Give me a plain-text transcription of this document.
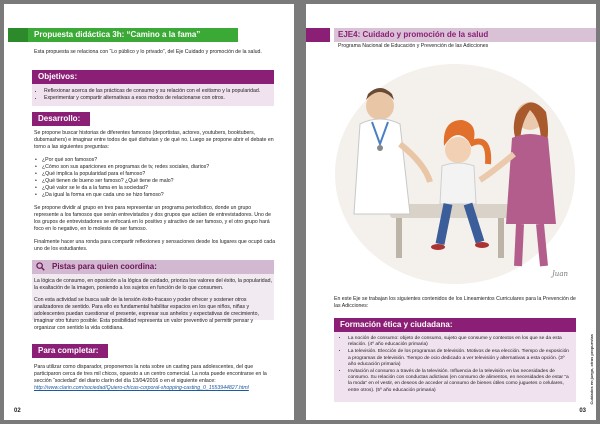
Propuesta didáctica 3h: “Camino a la fama”
Esta propuesta se relaciona con “Lo público y lo privado”, del Eje Cuidado y promoción de la salud.
Objetivos:
• Reflexionar acerca de las prácticas de consumo y su relación con el exitismo y la popularidad.
• Experimentar y compartir alternativas a esos modos de relacionarse con otros.
Desarrollo:

Se propone buscar historias de diferentes famosos (deportistas, actores, youtubers, booktubers, dubsmashers) e imaginar entre todos de qué disfrutan y de qué no. Luego se propone abrir el debate en torno a las siguientes preguntas:

• ¿Por qué son famosos?
• ¿Cómo son sus apariciones en programas de tv, redes sociales, diarios?
• ¿Qué implica la popularidad para el famoso?
• ¿Qué tienen de bueno ser famoso? ¿Qué tiene de malo?
• ¿Qué valor se le da a la fama en la sociedad?
• ¿Da igual la forma en que cada uno se hizo famoso?

Se propone dividir al grupo en tres para representar un programa periodístico, donde un grupo represente a los famosos que serán entrevistados y dos grupos que actúen de entrevistadores. Uno de los grupos de entrevistadores se enfocará en lo positivo y atractivo de ser famoso, y el otro grupo hará foco en lo negativo, en lo molesto de ser famoso.

Finalmente hacer una ronda para compartir reflexiones y sensaciones desde los lugares que ocupó cada uno de los estudiantes.

Pistas para quien coordina:

La lógica de consumo, en oposición a la lógica de cuidado, prioriza los valores del éxito, la popularidad, la exaltación de la imagen, poniendo a los sujetos en función de lo que consumen.

Con esta actividad se busca salir de la tensión éxito-fracaso y poder ofrecer y sostener otros analizadores de sentido. Para ello es fundamental habilitar espacios en los que niños, niñas y adolescentes puedan cuestionar el presente, expresar sus anhelos y expectativas de crecimiento, imaginar otro futuro posible. Esta posibilidad representa un valor preventivo al permitir pensar y organizar con sentido la vida cotidiana.

Para completar:
Para utilizar como disparador, proponemos la nota sobre un casting para adolescentes, del que participaron cerca de tres mil chicos, opuesto a un centro comercial. La nota puede encontrarse en la sección “sociedad” del diario clarín del día 13/04/2016 o en el siguiente enlace: http://www.clarin.com/sociedad/Quiero-chicas-corporal-shopping-casting_0_1553944827.html
02
EJE4: Cuidado y promoción de la salud
Programa Nacional de Educación y Prevención de las Adicciones
Juan
En este Eje se trabajan los siguientes contenidos de los Lineamientos Curriculares para la Prevención de las Adicciones:
Formación ética y ciudadana:
• La noción de consumo: objeto de consumo, sujeto que consume y contextos en los que se da esta relación. (4º año educación primaria)
• La televisión. Elección de los programas de televisión. Motivos de esa elección. Tiempo de exposición a programas de televisión. Tiempo de ocio dedicado a ver televisión y alternativas a esta opción. (3º año educación primaria)
• Invitación al consumo a través de la televisión. Influencia de la televisión en las necesidades de consumo. Su relación con conductas adictivas (en consumo de alimentos, en necesidades de estar “a la moda” en el vestir, en deseos de acceder al consumo de bienes útiles como juguetes o celulares, entre otros). (5º año educación primaria)	Cuidados en juego, otras propuestas
03
